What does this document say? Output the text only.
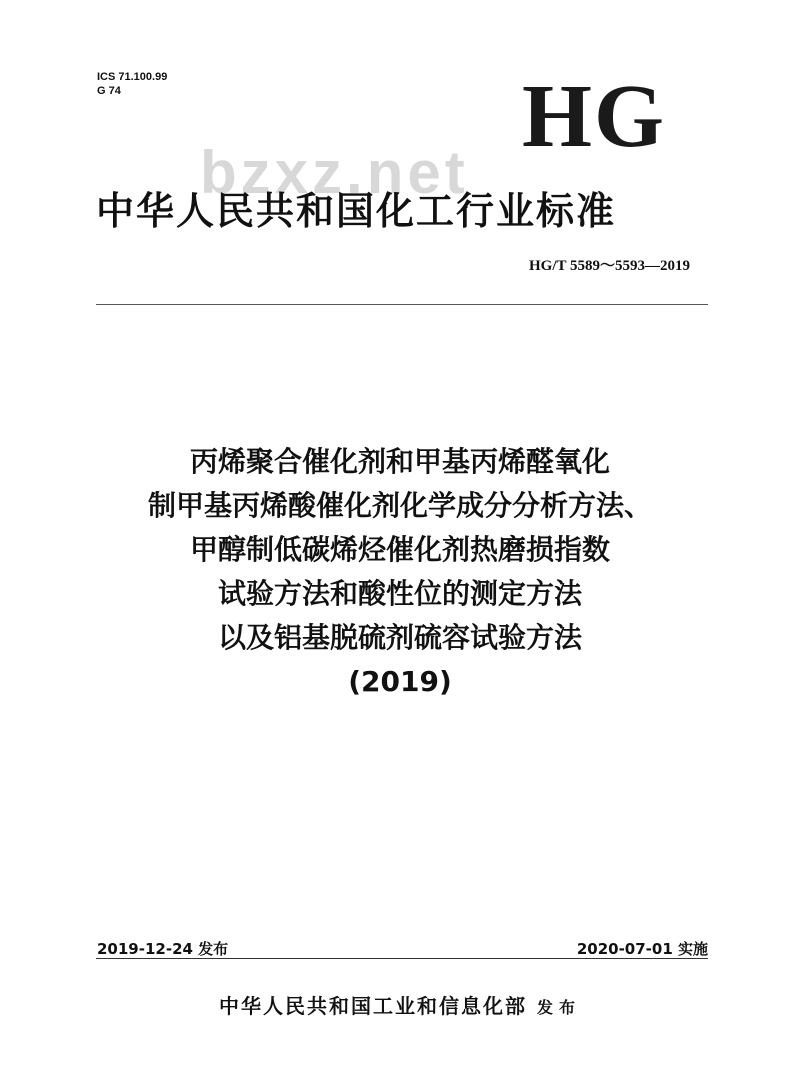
ICS 71.100.99
G 74	HG
bzxz.net
中华人民共和国化工行业标准
HG/T 5589～5593—2019
丙烯聚合催化剂和甲基丙烯醛氧化
制甲基丙烯酸催化剂化学成分分析方法、
甲醇制低碳烯烃催化剂热磨损指数
试验方法和酸性位的测定方法
以及铝基脱硫剂硫容试验方法
(2019)
2019-12-24 发布	2020-07-01 实施
中华人民共和国工业和信息化部 发布
